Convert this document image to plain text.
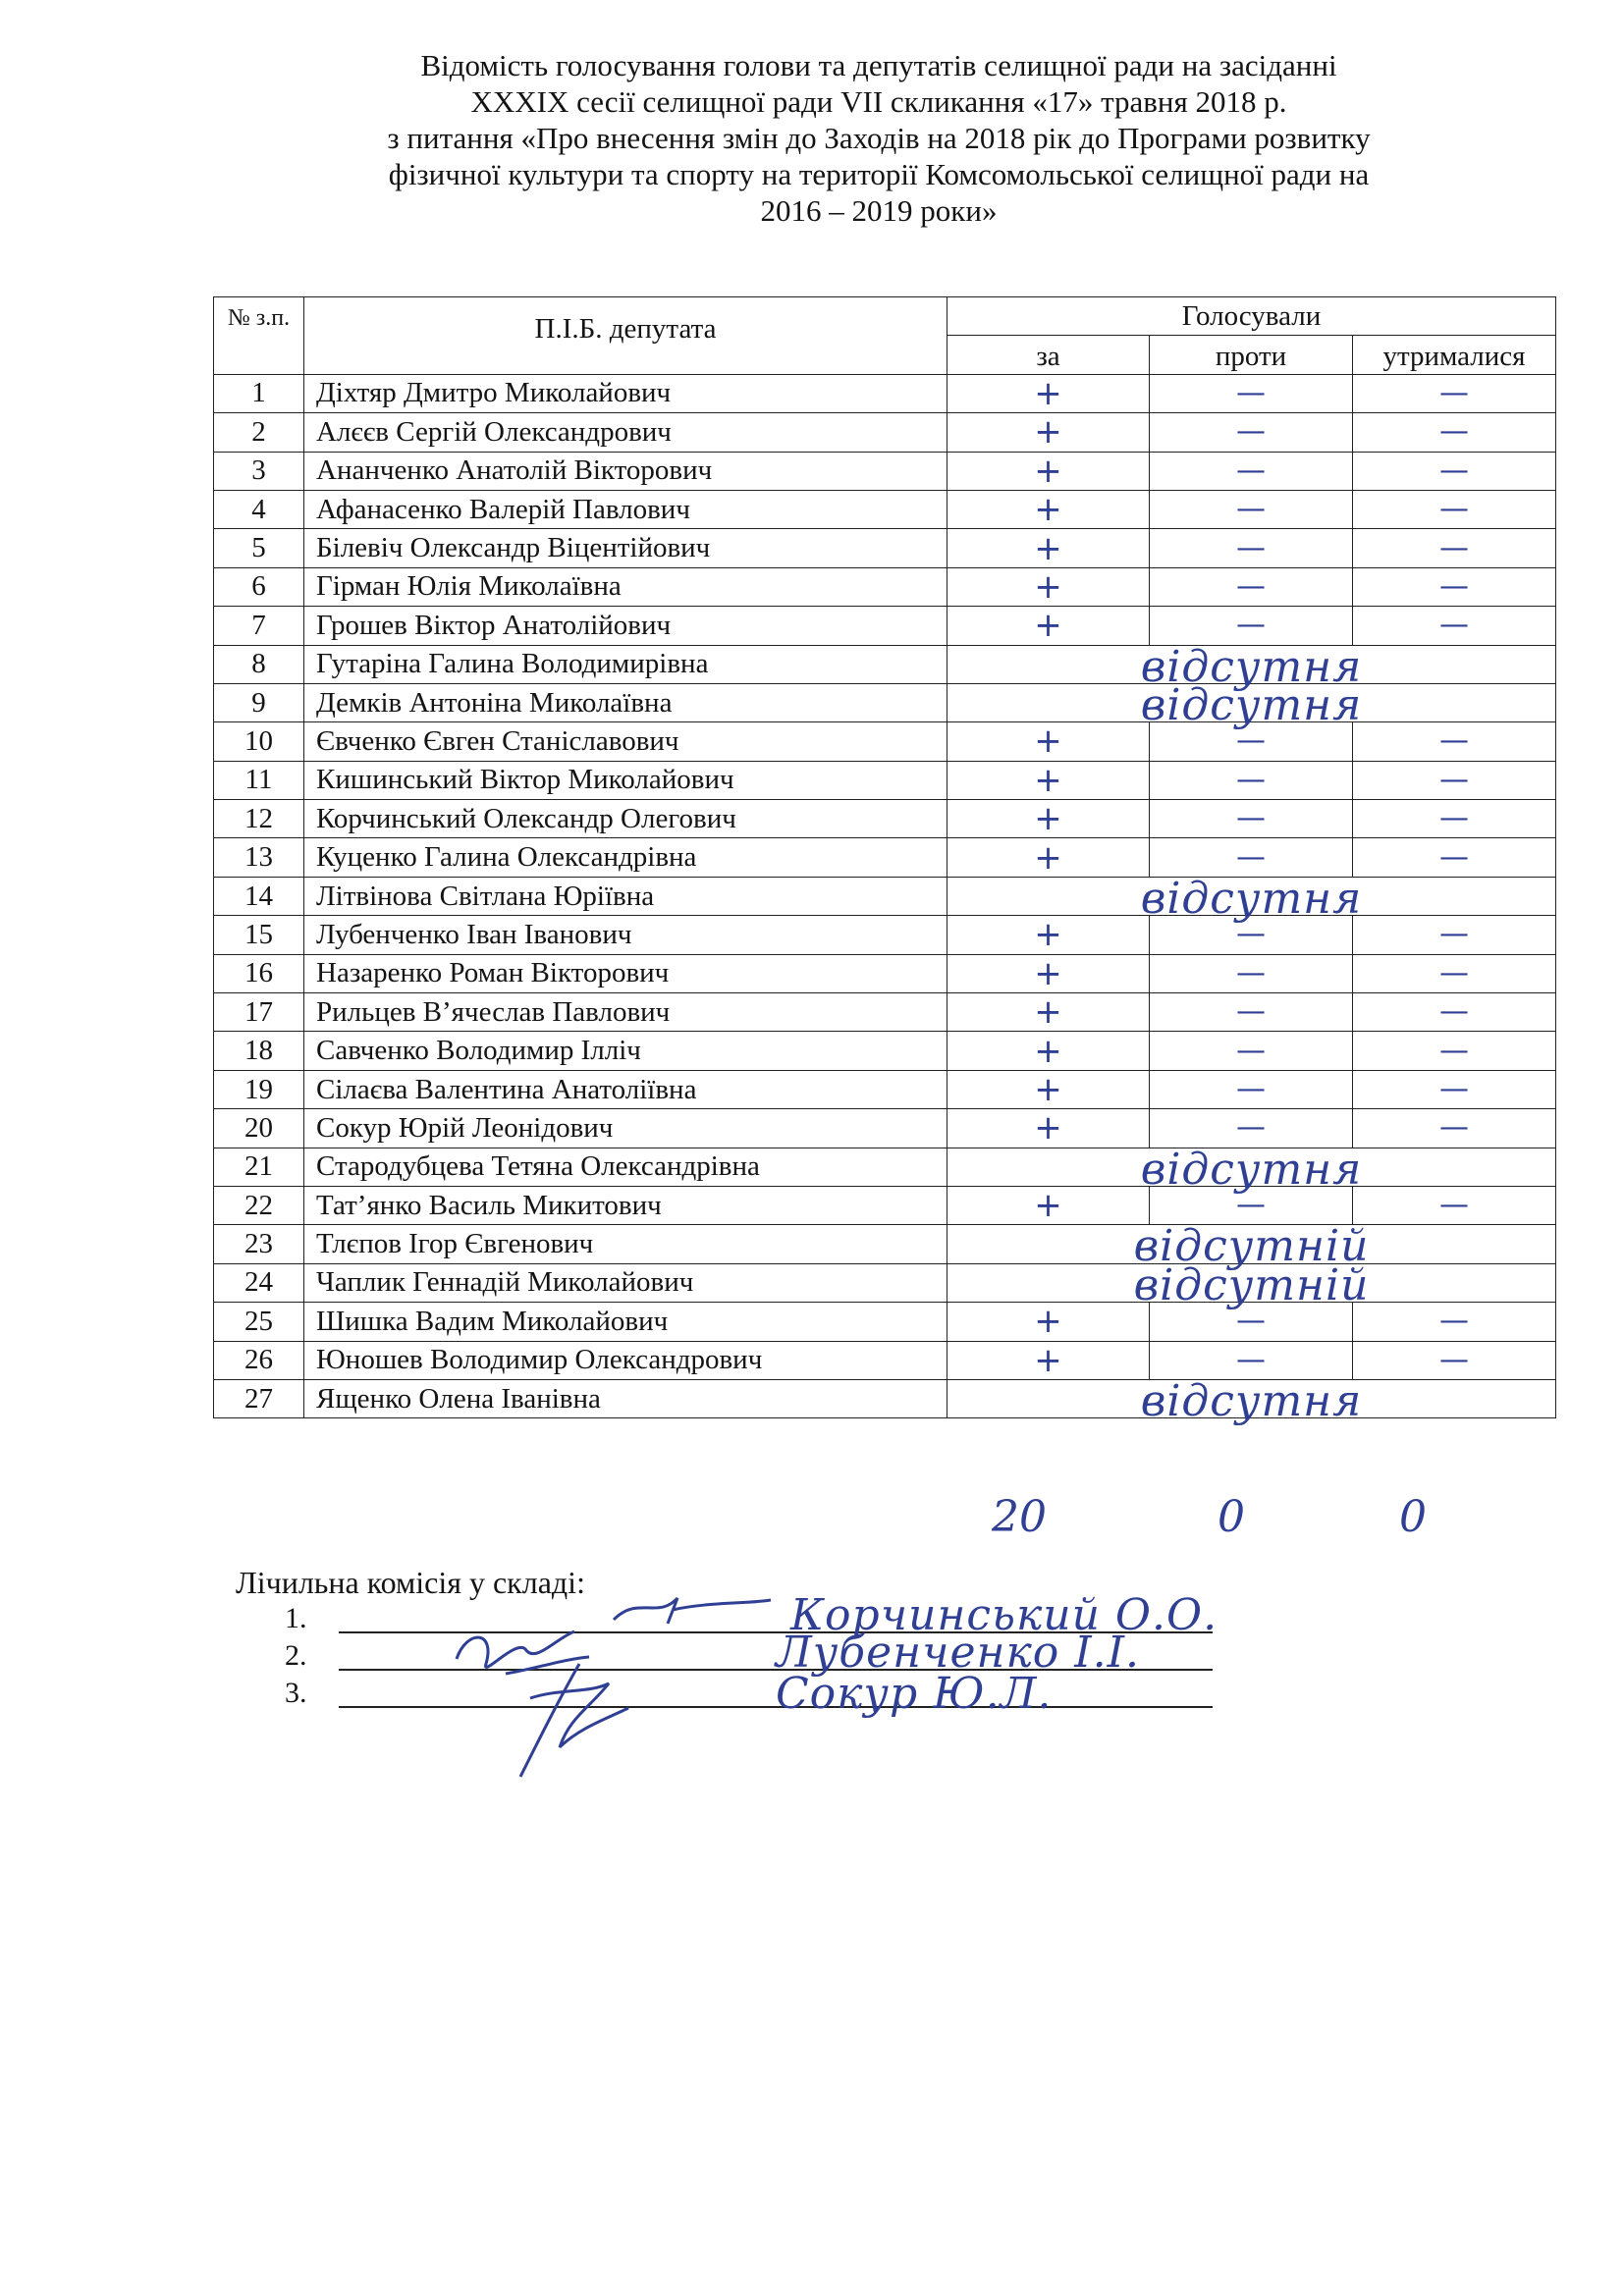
Відомість голосування голови та депутатів селищної ради на засіданні
XXXIX сесії селищної ради VII скликання «17» травня 2018 р.
з питання «Про внесення змін до Заходів на 2018 рік до Програми розвитку
фізичної культури та спорту на території Комсомольської селищної ради на
2016 – 2019 роки»
№ з.п.	П.І.Б. депутата	Голосували		
		за	проти	утрималися
1	Діхтяр Дмитро Миколайович	+	—	—
2	Алєєв Сергій Олександрович	+	—	—
3	Ананченко Анатолій Вікторович	+	—	—
4	Афанасенко Валерій Павлович	+	—	—
5	Білевіч Олександр Віцентійович	+	—	—
6	Гірман Юлія Миколаївна	+	—	—
7	Грошев Віктор Анатолійович	+	—	—
8	Гутаріна Галина Володимирівна	відсутня		

9	Демків Антоніна Миколаївна	відсутня		

10	Євченко Євген Станіславович	+	—	—
11	Кишинський Віктор Миколайович	+	—	—
12	Корчинський Олександр Олегович	+	—	—
13	Куценко Галина Олександрівна	+	—	—
14	Літвінова Світлана Юріївна	відсутня		

15	Лубенченко Іван Іванович	+	—	—
16	Назаренко Роман Вікторович	+	—	—
17	Рильцев В’ячеслав Павлович	+	—	—
18	Савченко Володимир Ілліч	+	—	—
19	Сілаєва Валентина Анатоліївна	+	—	—
20	Сокур Юрій Леонідович	+	—	—
21	Стародубцева Тетяна Олександрівна	відсутня		

22	Тат’янко Василь Микитович	+	—	—
23	Тлєпов Ігор Євгенович	відсутній		

24	Чаплик Геннадій Миколайович	відсутній		

25	Шишка Вадим Миколайович	+	—	—
26	Юношев Володимир Олександрович	+	—	—
27	Ященко Олена Іванівна	відсутня		
20	0	0
Лічильна комісія у складі:
1.
2.
3.
Корчинський О.О.
Лубенченко І.І.
Сокур Ю.Л.
